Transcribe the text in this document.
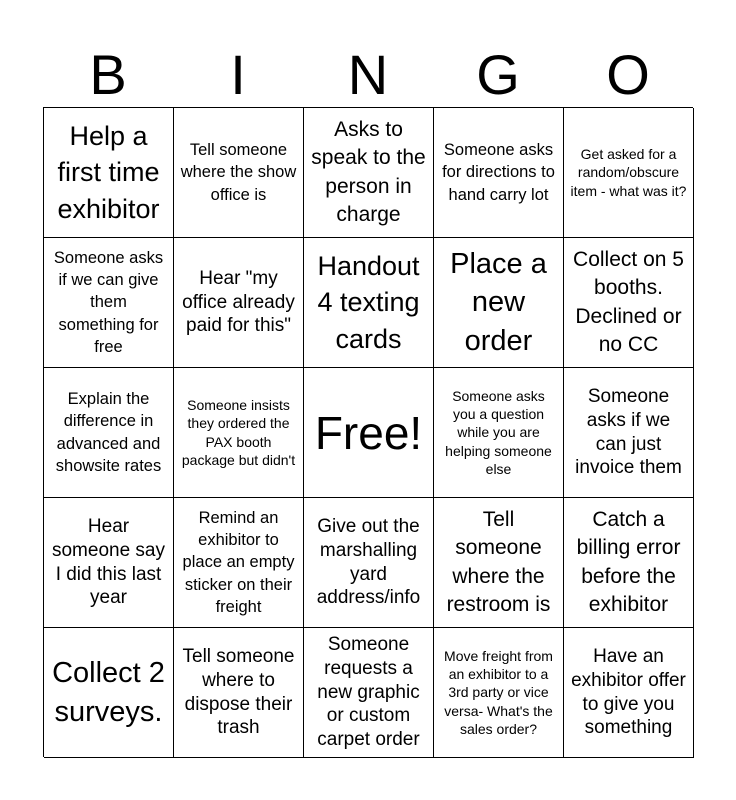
B	I	N	G	O
Help a first time exhibitor
Tell someone where the show office is
Asks to speak to the person in charge
Someone asks for directions to hand carry lot
Get asked for a random/obscure item - what was it?
Someone asks if we can give them something for free
Hear "my office already paid for this"
Handout 4 texting cards
Place a new order
Collect on 5 booths. Declined or no CC
Explain the difference in advanced and showsite rates
Someone insists they ordered the PAX booth package but didn't
Free!
Someone asks you a question while you are helping someone else
Someone asks if we can just invoice them
Hear someone say I did this last year
Remind an exhibitor to place an empty sticker on their freight
Give out the marshalling yard address/info
Tell someone where the restroom is
Catch a billing error before the exhibitor
Collect 2 surveys.
Tell someone where to dispose their trash
Someone requests a new graphic or custom carpet order
Move freight from an exhibitor to a 3rd party or vice versa- What's the sales order?
Have an exhibitor offer to give you something
